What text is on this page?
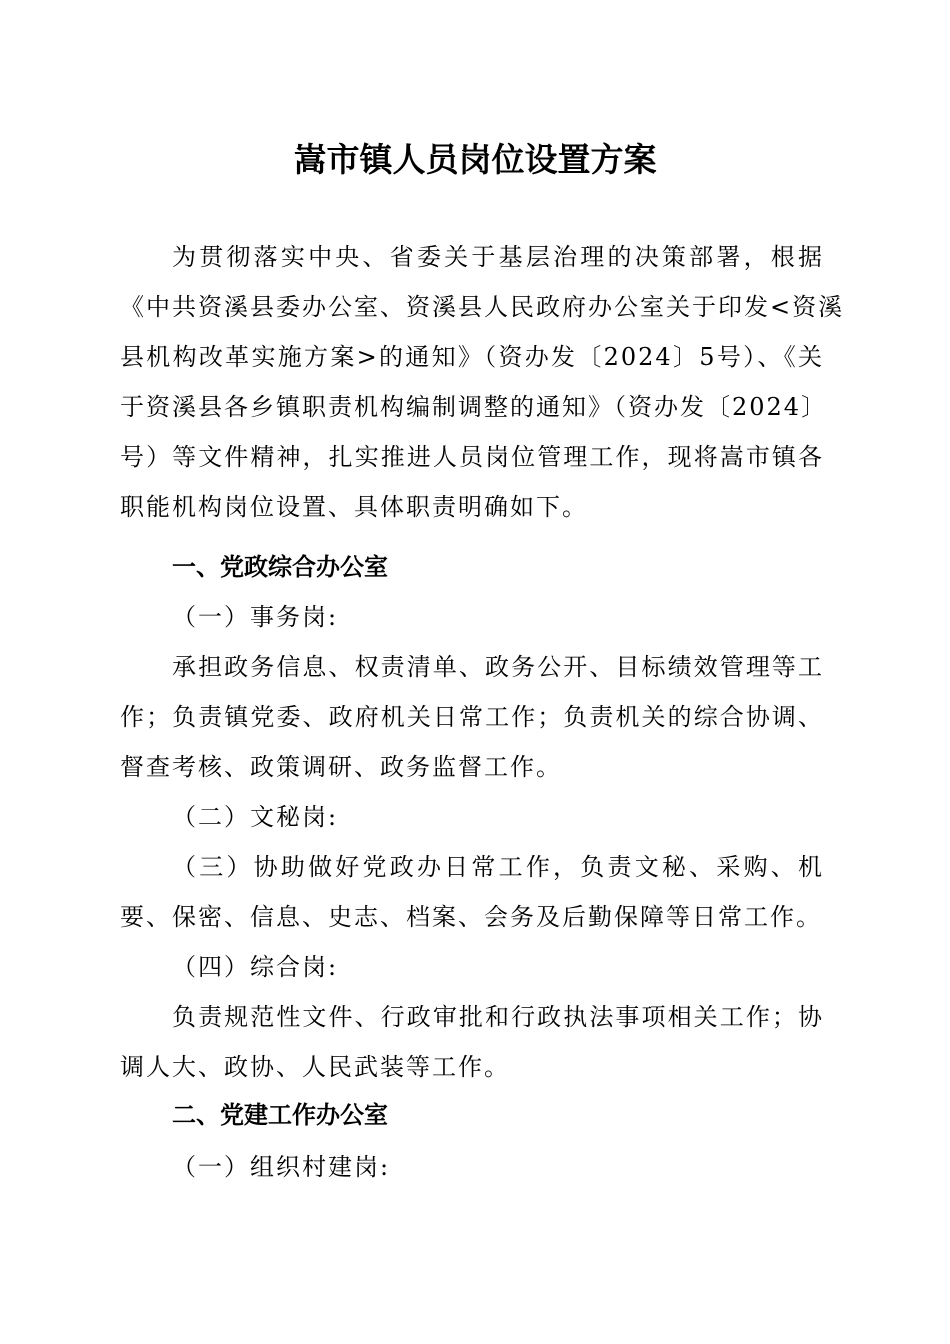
嵩市镇人员岗位设置方案
为贯彻落实中央、省委关于基层治理的决策部署，根据
《中共资溪县委办公室、资溪县人民政府办公室关于印发<资溪
县机构改革实施方案>的通知》（资办发〔2024〕5号）、《关
于资溪县各乡镇职责机构编制调整的通知》（资办发〔2024〕
号）等文件精神，扎实推进人员岗位管理工作，现将嵩市镇各
职能机构岗位设置、具体职责明确如下。
一、党政综合办公室
（一）事务岗:
承担政务信息、权责清单、政务公开、目标绩效管理等工
作；负责镇党委、政府机关日常工作；负责机关的综合协调、
督查考核、政策调研、政务监督工作。
（二）文秘岗:
（三）协助做好党政办日常工作，负责文秘、采购、机
要、保密、信息、史志、档案、会务及后勤保障等日常工作。
（四）综合岗:
负责规范性文件、行政审批和行政执法事项相关工作；协
调人大、政协、人民武装等工作。
二、党建工作办公室
（一）组织村建岗:
